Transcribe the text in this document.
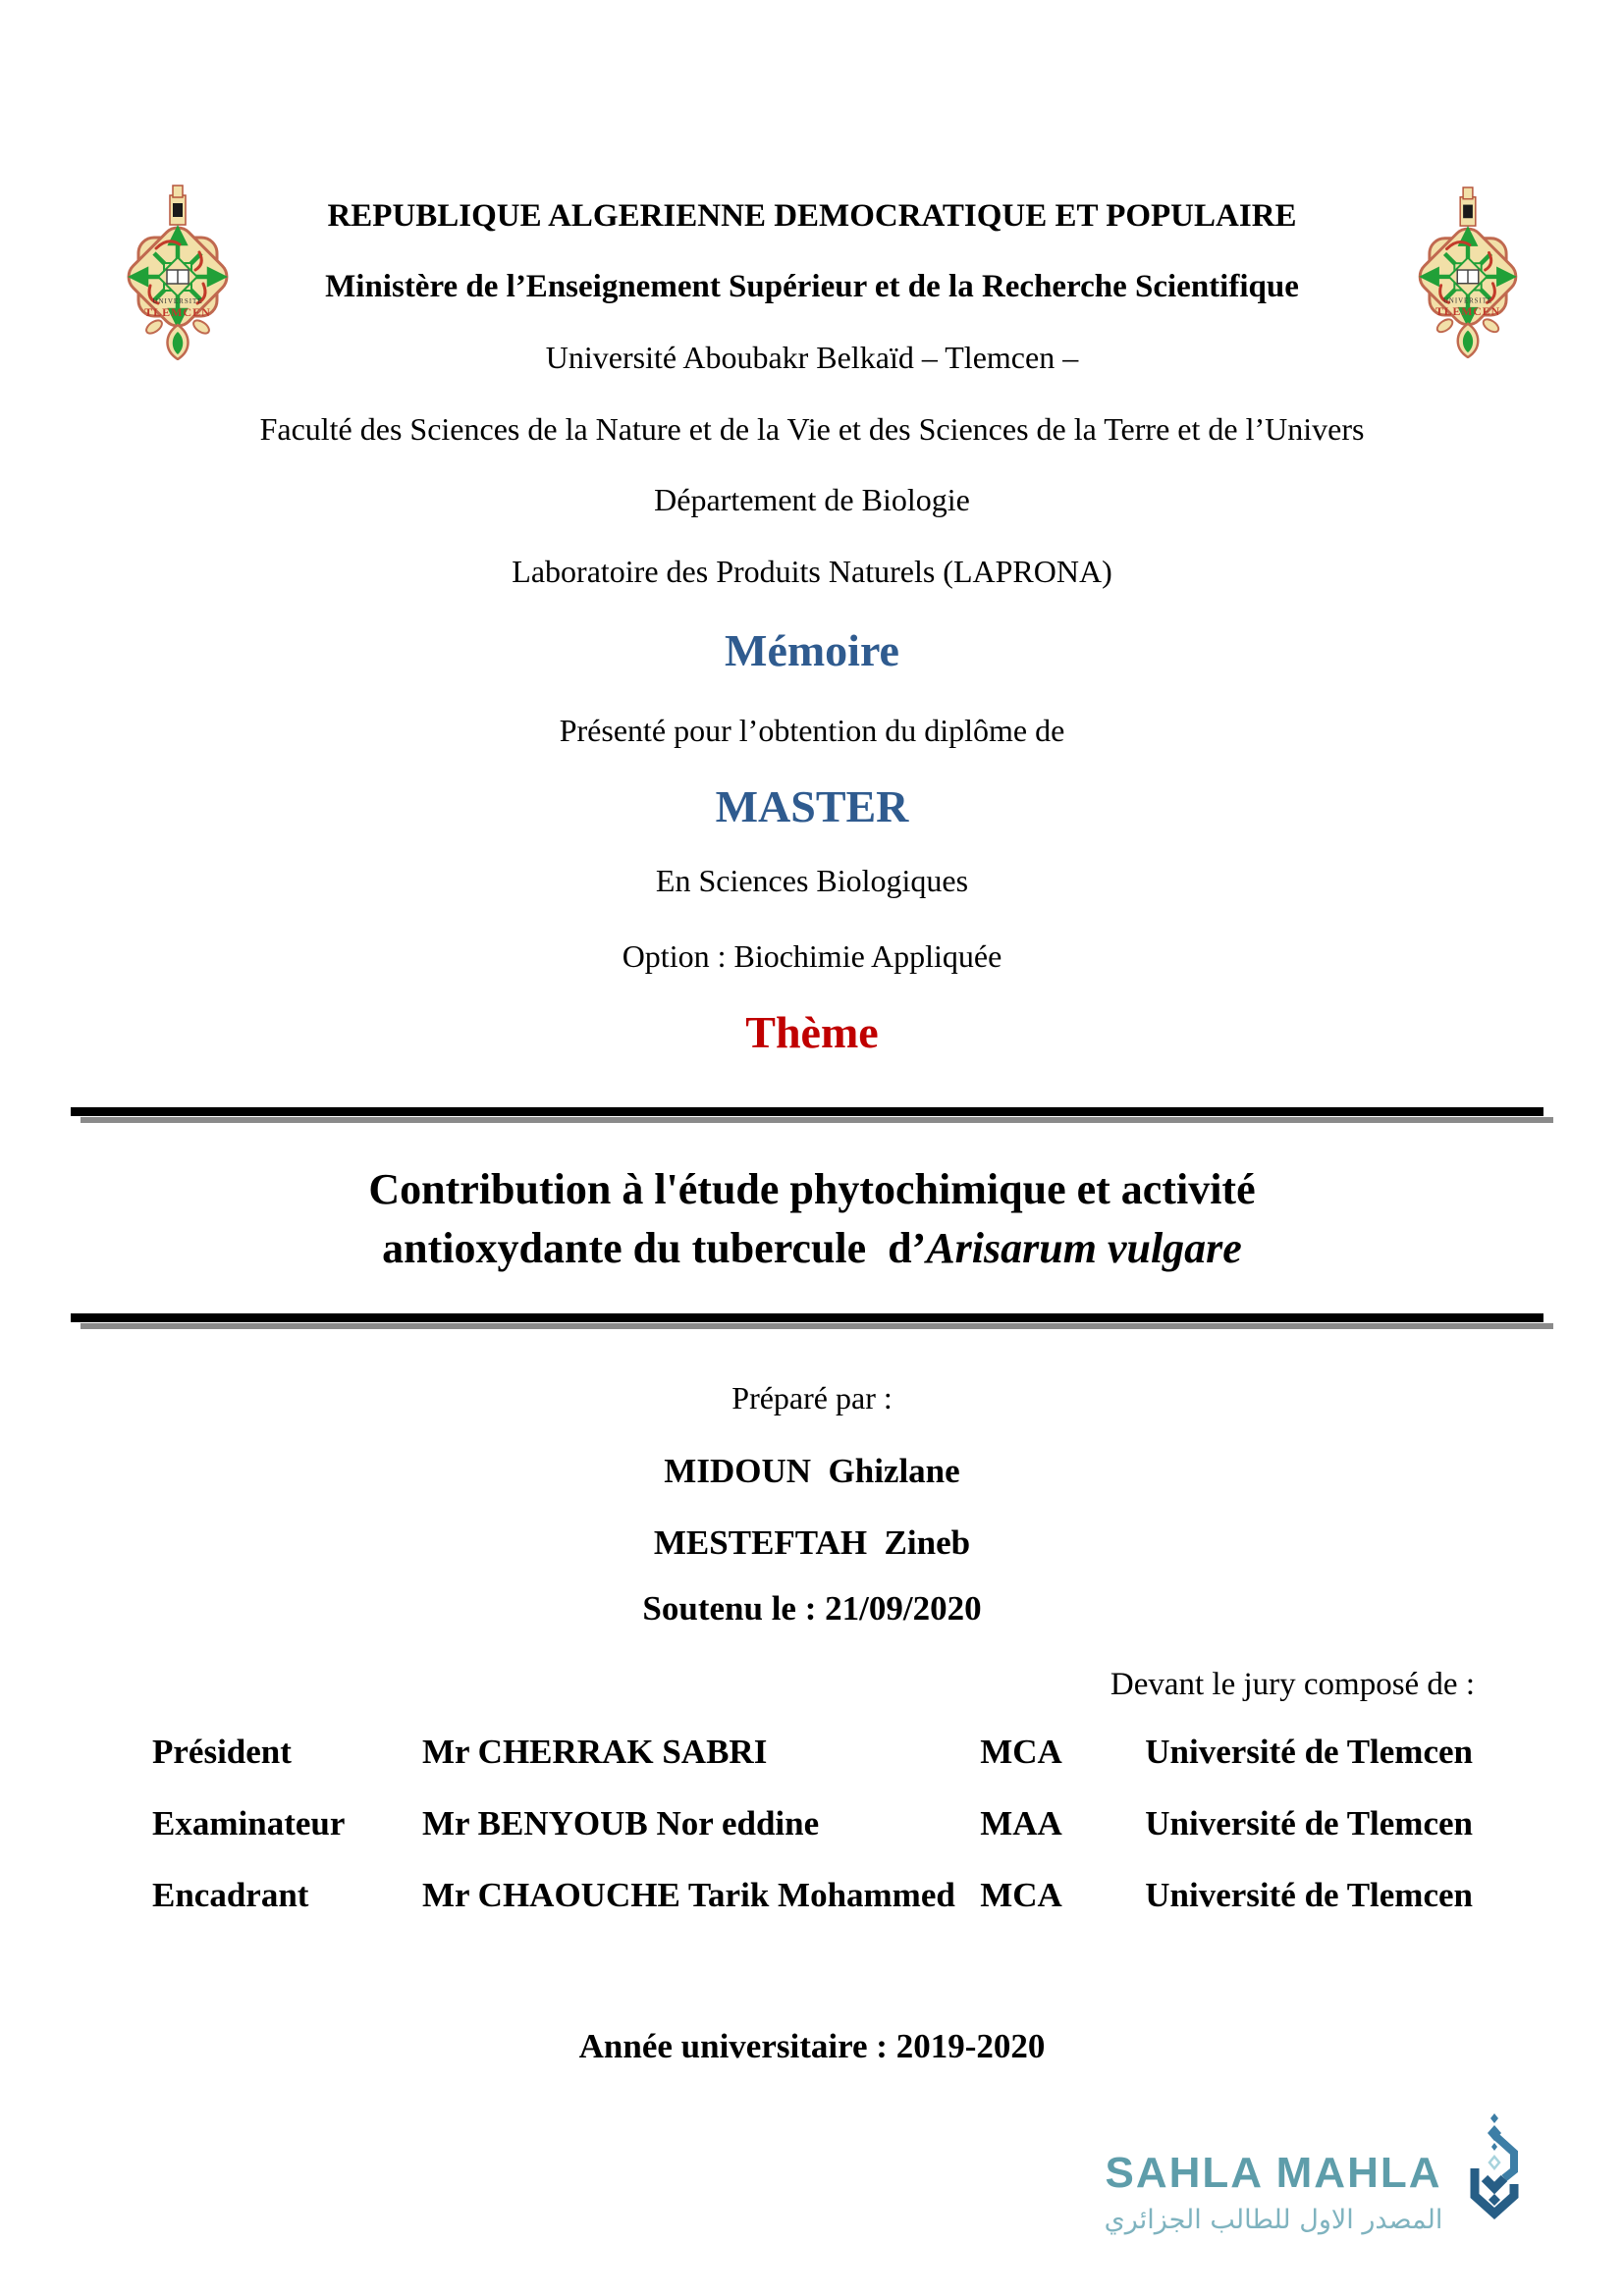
UNIVERSITE
TLEMCEN
UNIVERSITE
TLEMCEN
REPUBLIQUE ALGERIENNE DEMOCRATIQUE ET POPULAIRE
Ministère de l’Enseignement Supérieur et de la Recherche Scientifique
Université Aboubakr Belkaïd – Tlemcen –
Faculté des Sciences de la Nature et de la Vie et des Sciences de la Terre et de l’Univers
Département de Biologie
Laboratoire des Produits Naturels (LAPRONA)
Mémoire
Présenté pour l’obtention du diplôme de
MASTER
En Sciences Biologiques
Option : Biochimie Appliquée
Thème
Contribution à l'étude phytochimique et activité
antioxydante du tubercule  d’Arisarum vulgare
Préparé par :
MIDOUN  Ghizlane
MESTEFTAH  Zineb
Soutenu le : 21/09/2020
Devant le jury composé de :
Président	Mr CHERRAK SABRI	MCA	Université de Tlemcen
Examinateur	Mr BENYOUB Nor eddine	MAA	Université de Tlemcen
Encadrant	Mr CHAOUCHE Tarik Mohammed MCA	Université de Tlemcen
Année universitaire : 2019-2020
SAHLA MAHLA
المصدر الاول للطالب الجزائري
